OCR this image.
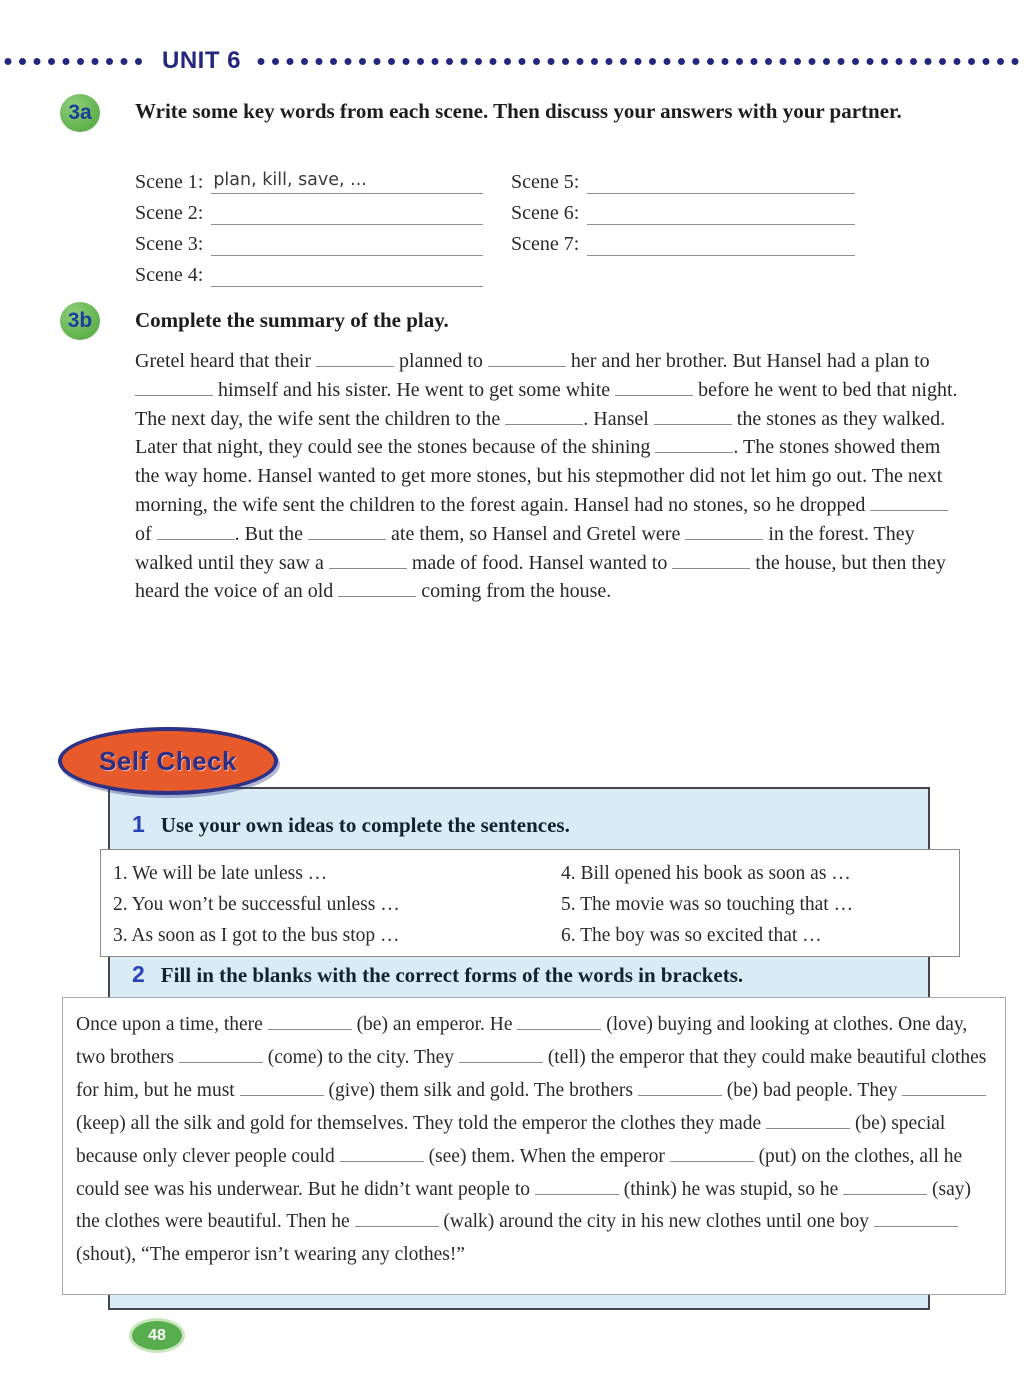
UNIT 6
3a	Write some key words from each scene. Then discuss your answers with your partner.
Scene 1: plan, kill, save, ...
Scene 2:
Scene 3:
Scene 4:
Scene 5:
Scene 6:
Scene 7:
3b	Complete the summary of the play.
Gretel heard that their	planned to	her and her brother. But Hansel had a plan to  himself and his sister. He went to get some white	before he went to bed that night. The next day, the wife sent the children to the	. Hansel	the stones as they walked. Later that night, they could see the stones because of the shining	. The stones showed them the way home. Hansel wanted to get more stones, but his stepmother did not let him go out. The next morning, the wife sent the children to the forest again. Hansel had no stones, so he dropped  of	. But the	ate them, so Hansel and Gretel were	in the forest. They walked until they saw a	made of food. Hansel wanted to	the house, but then they heard the voice of an old	coming from the house.
1 Use your own ideas to complete the sentences.
2 Fill in the blanks with the correct forms of the words in brackets.
Self Check
1. We will be late unless …
2. You won’t be successful unless …
3. As soon as I got to the bus stop …
4. Bill opened his book as soon as …
5. The movie was so touching that …
6. The boy was so excited that …
Once upon a time, there	(be) an emperor. He	(love) buying and looking at clothes. One day, two brothers	(come) to the city. They	(tell) the emperor that they could make beautiful clothes for him, but he must	(give) them silk and gold. The brothers	(be) bad people. They  (keep) all the silk and gold for themselves. They told the emperor the clothes they made	(be) special because only clever people could	(see) them. When the emperor	(put) on the clothes, all he could see was his underwear. But he didn’t want people to	(think) he was stupid, so he	(say) the clothes were beautiful. Then he	(walk) around the city in his new clothes until one boy  (shout), “The emperor isn’t wearing any clothes!”
48
